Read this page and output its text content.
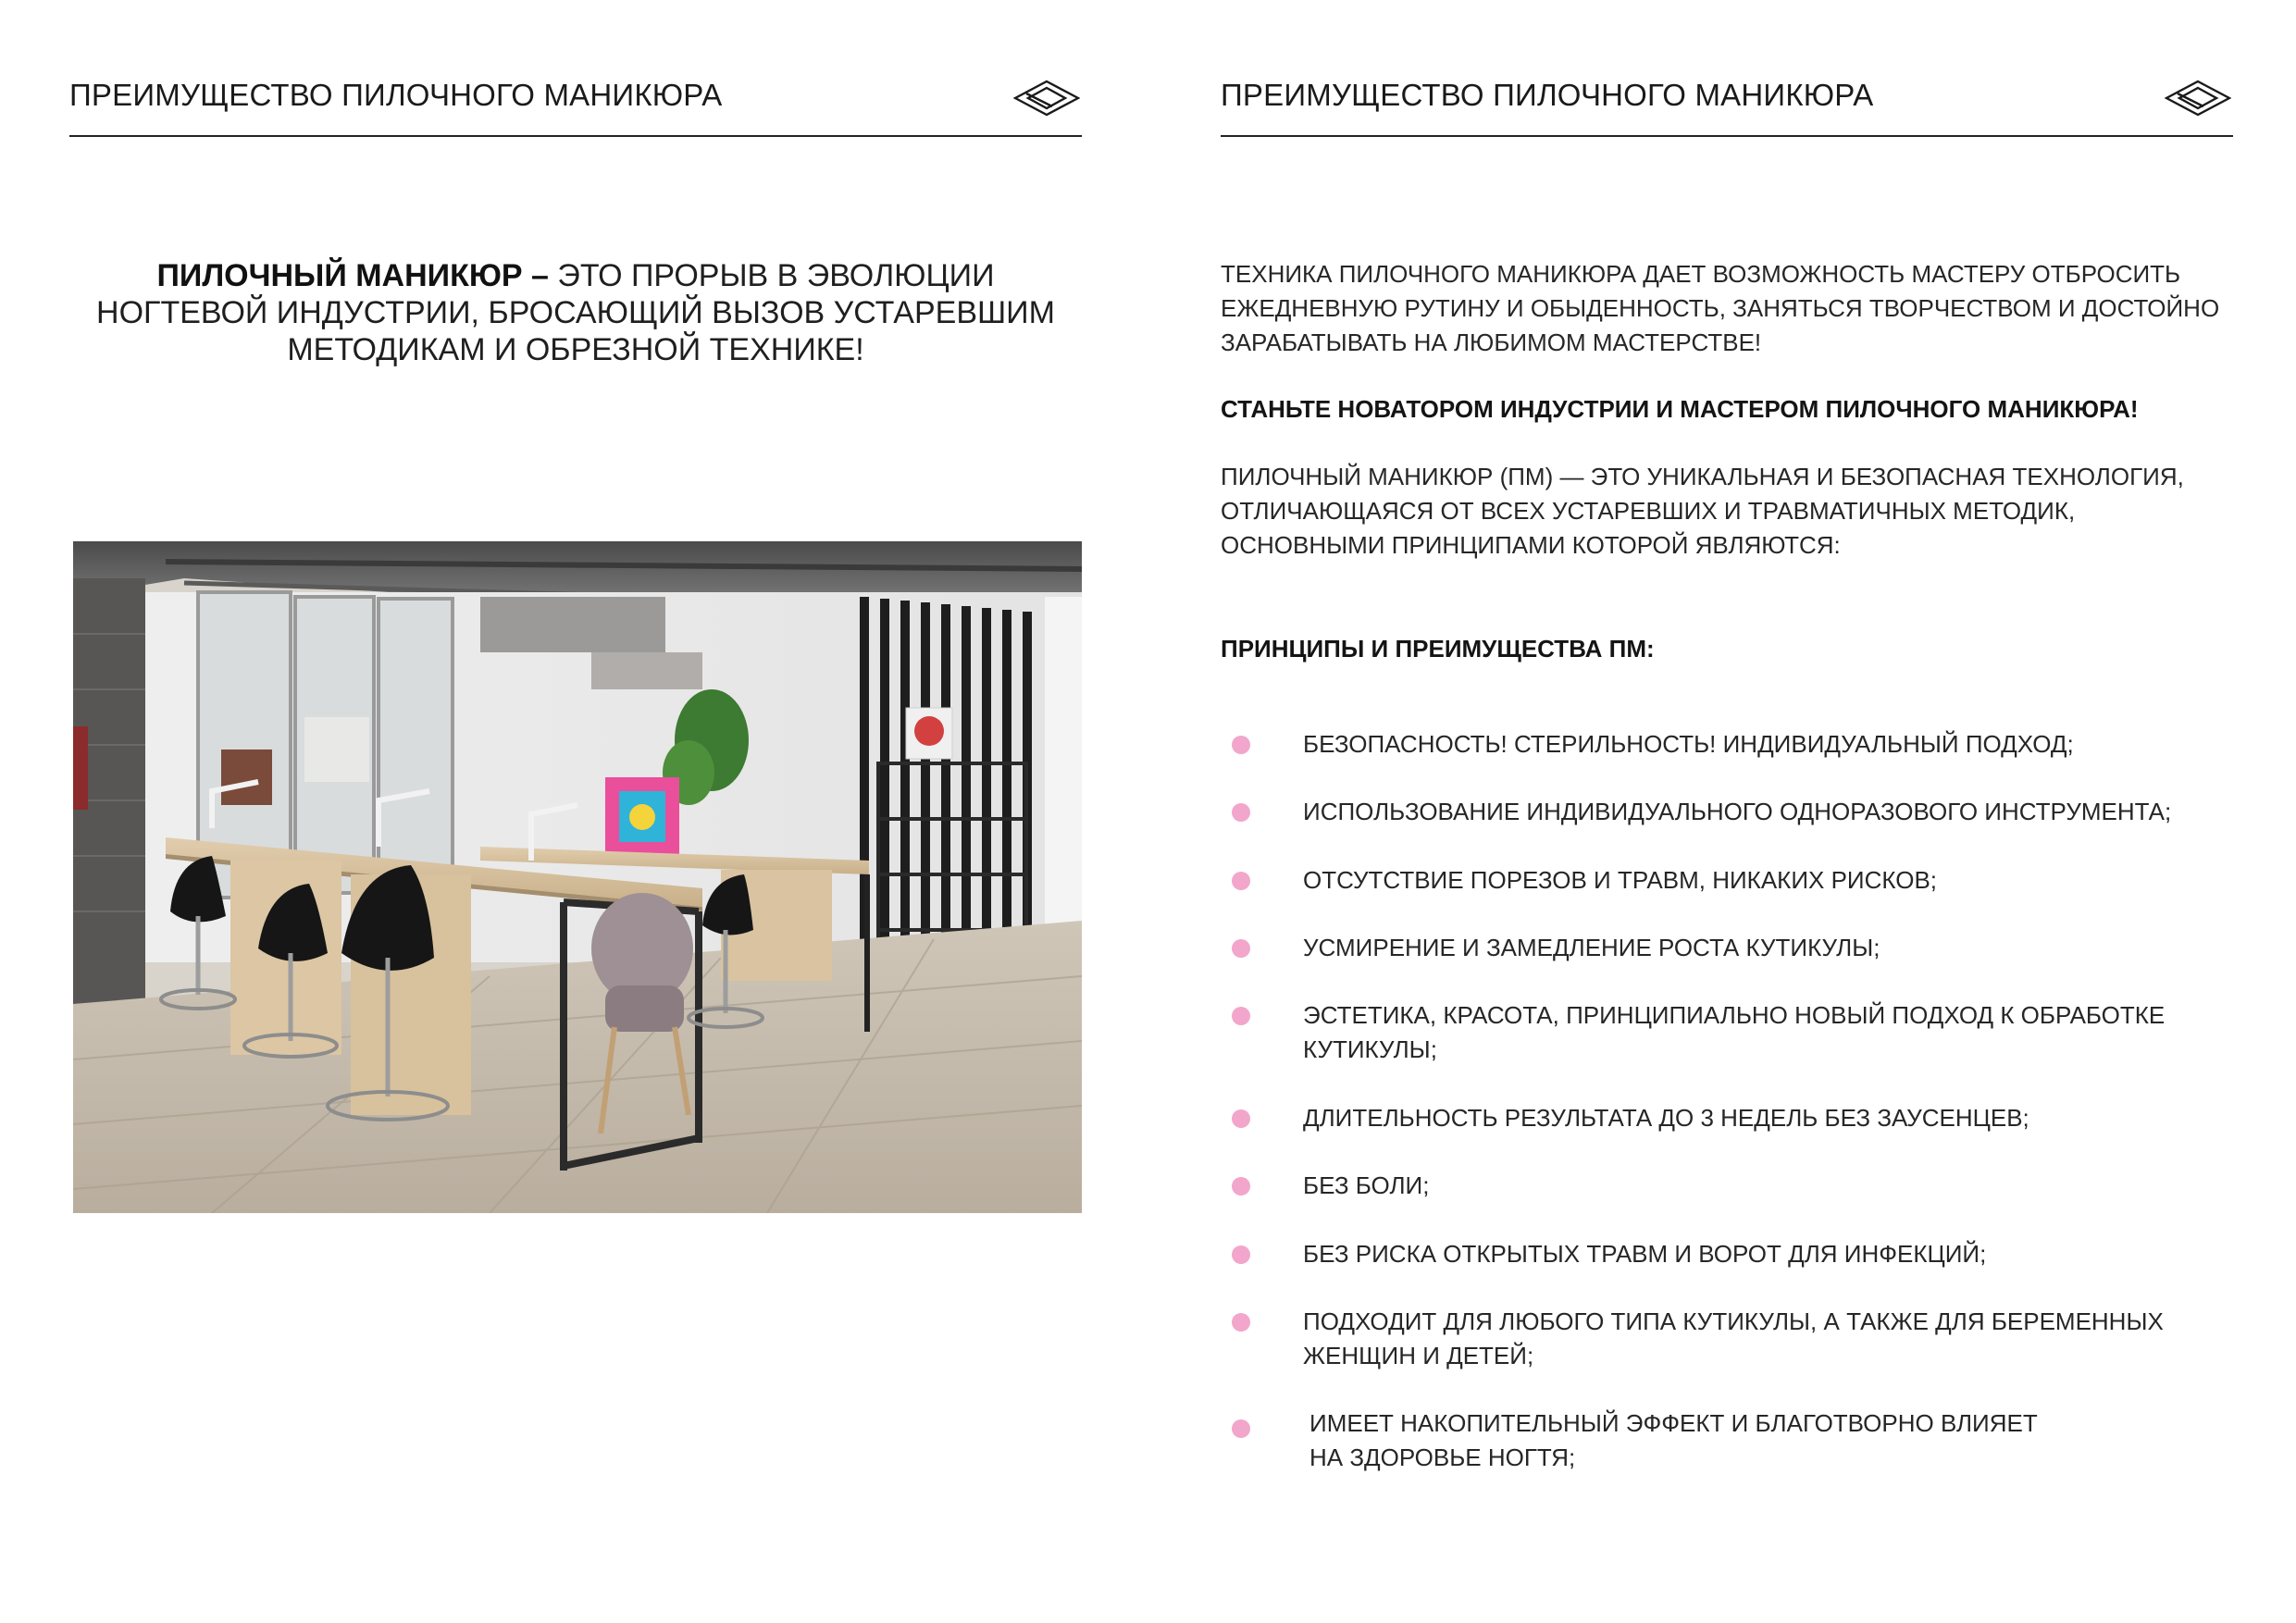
ПРЕИМУЩЕСТВО ПИЛОЧНОГО МАНИКЮРА
ПИЛОЧНЫЙ МАНИКЮР – ЭТО ПРОРЫВ В ЭВОЛЮЦИИ
НОГТЕВОЙ ИНДУСТРИИ, БРОСАЮЩИЙ ВЫЗОВ УСТАРЕВШИМ
МЕТОДИКАМ И ОБРЕЗНОЙ ТЕХНИКЕ!
ПРЕИМУЩЕСТВО ПИЛОЧНОГО МАНИКЮРА
ТЕХНИКА ПИЛОЧНОГО МАНИКЮРА ДАЕТ ВОЗМОЖНОСТЬ МАСТЕРУ ОТБРОСИТЬ
ЕЖЕДНЕВНУЮ РУТИНУ И ОБЫДЕННОСТЬ, ЗАНЯТЬСЯ ТВОРЧЕСТВОМ И ДОСТОЙНО
ЗАРАБАТЫВАТЬ НА ЛЮБИМОМ МАСТЕРСТВЕ!
СТАНЬТЕ НОВАТОРОМ ИНДУСТРИИ И МАСТЕРОМ ПИЛОЧНОГО МАНИКЮРА!
ПИЛОЧНЫЙ МАНИКЮР (ПМ) — ЭТО УНИКАЛЬНАЯ И БЕЗОПАСНАЯ ТЕХНОЛОГИЯ,
ОТЛИЧАЮЩАЯСЯ ОТ ВСЕХ УСТАРЕВШИХ И ТРАВМАТИЧНЫХ МЕТОДИК,
ОСНОВНЫМИ ПРИНЦИПАМИ КОТОРОЙ ЯВЛЯЮТСЯ:
ПРИНЦИПЫ И ПРЕИМУЩЕСТВА ПМ:
БЕЗОПАСНОСТЬ! СТЕРИЛЬНОСТЬ! ИНДИВИДУАЛЬНЫЙ ПОДХОД;
ИСПОЛЬЗОВАНИЕ ИНДИВИДУАЛЬНОГО ОДНОРАЗОВОГО ИНСТРУМЕНТА;
ОТСУТСТВИЕ ПОРЕЗОВ И ТРАВМ, НИКАКИХ РИСКОВ;
УСМИРЕНИЕ И ЗАМЕДЛЕНИЕ РОСТА КУТИКУЛЫ;
ЭСТЕТИКА, КРАСОТА, ПРИНЦИПИАЛЬНО НОВЫЙ ПОДХОД К ОБРАБОТКЕ
КУТИКУЛЫ;
ДЛИТЕЛЬНОСТЬ РЕЗУЛЬТАТА ДО 3 НЕДЕЛЬ БЕЗ ЗАУСЕНЦЕВ;
БЕЗ БОЛИ;
БЕЗ РИСКА ОТКРЫТЫХ ТРАВМ И ВОРОТ ДЛЯ ИНФЕКЦИЙ;
ПОДХОДИТ ДЛЯ ЛЮБОГО ТИПА КУТИКУЛЫ, А ТАКЖЕ ДЛЯ БЕРЕМЕННЫХ
ЖЕНЩИН И ДЕТЕЙ;
ИМЕЕТ НАКОПИТЕЛЬНЫЙ ЭФФЕКТ И БЛАГОТВОРНО ВЛИЯЕТ
НА ЗДОРОВЬЕ НОГТЯ;
